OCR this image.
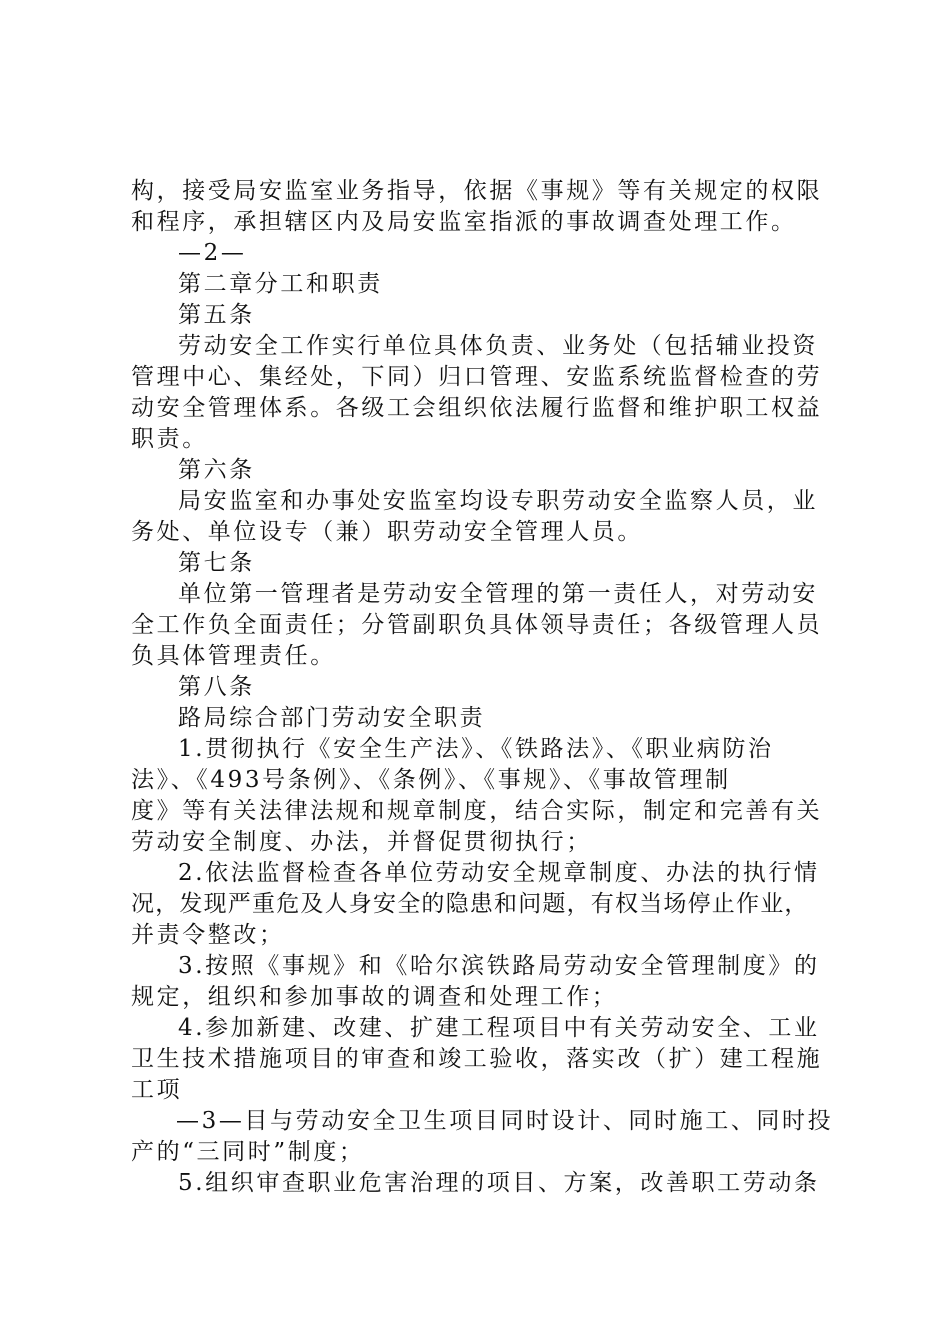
构，接受局安监室业务指导，依据《事规》等有关规定的权限
和程序，承担辖区内及局安监室指派的事故调查处理工作。
—2—
第二章分工和职责
第五条
劳动安全工作实行单位具体负责、业务处（包括辅业投资
管理中心、集经处，下同）归口管理、安监系统监督检查的劳
动安全管理体系。各级工会组织依法履行监督和维护职工权益
职责。
第六条
局安监室和办事处安监室均设专职劳动安全监察人员，业
务处、单位设专（兼）职劳动安全管理人员。
第七条
单位第一管理者是劳动安全管理的第一责任人，对劳动安
全工作负全面责任；分管副职负具体领导责任；各级管理人员
负具体管理责任。
第八条
路局综合部门劳动安全职责
1.贯彻执行《安全生产法》、《铁路法》、《职业病防治
法》、《493号条例》、《条例》、《事规》、《事故管理制
度》等有关法律法规和规章制度，结合实际，制定和完善有关
劳动安全制度、办法，并督促贯彻执行；
2.依法监督检查各单位劳动安全规章制度、办法的执行情
况，发现严重危及人身安全的隐患和问题，有权当场停止作业，
并责令整改；
3.按照《事规》和《哈尔滨铁路局劳动安全管理制度》的
规定，组织和参加事故的调查和处理工作；
4.参加新建、改建、扩建工程项目中有关劳动安全、工业
卫生技术措施项目的审查和竣工验收，落实改（扩）建工程施
工项
—3—目与劳动安全卫生项目同时设计、同时施工、同时投
产的“三同时”制度；
5.组织审查职业危害治理的项目、方案，改善职工劳动条
